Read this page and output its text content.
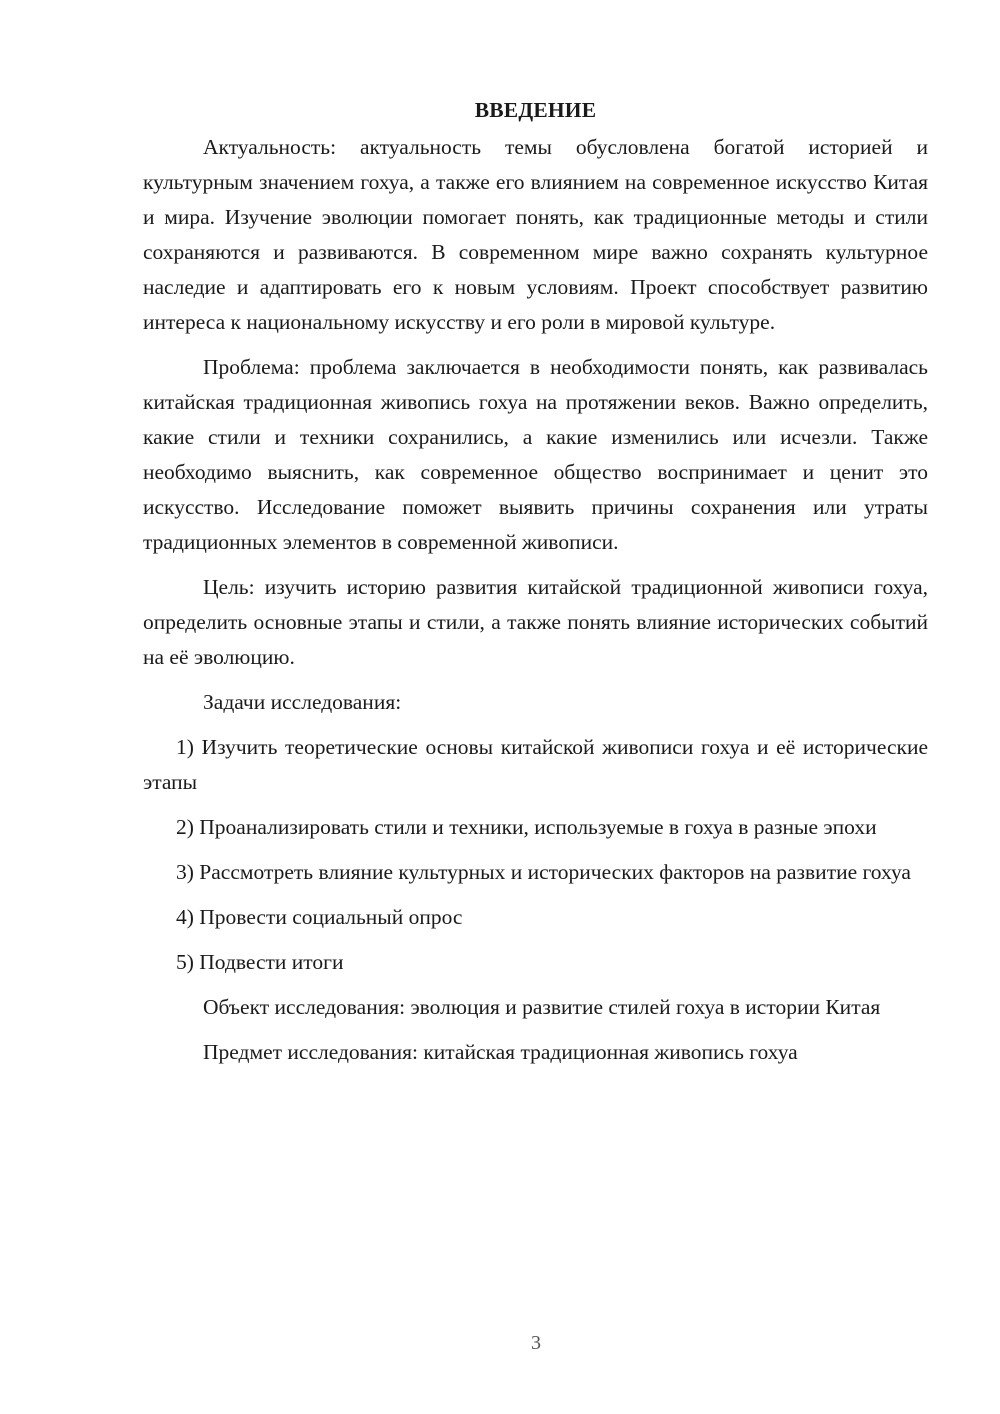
ВВЕДЕНИЕ

Актуальность: актуальность темы обусловлена богатой историей и культурным значением гохуа, а также его влиянием на современное искусство Китая и мира. Изучение эволюции помогает понять, как традиционные методы и стили сохраняются и развиваются. В современном мире важно сохранять культурное наследие и адаптировать его к новым условиям. Проект способствует развитию интереса к национальному искусству и его роли в мировой культуре.

Проблема: проблема заключается в необходимости понять, как развивалась китайская традиционная живопись гохуа на протяжении веков. Важно определить, какие стили и техники сохранились, а какие изменились или исчезли. Также необходимо выяснить, как современное общество воспринимает и ценит это искусство. Исследование поможет выявить причины сохранения или утраты традиционных элементов в современной живописи.

Цель: изучить историю развития китайской традиционной живописи гохуа, определить основные этапы и стили, а также понять влияние исторических событий на её эволюцию.

Задачи исследования:

1) Изучить теоретические основы китайской живописи гохуа и её исторические этапы

2) Проанализировать стили и техники, используемые в гохуа в разные эпохи

3) Рассмотреть влияние культурных и исторических факторов на развитие гохуа

4) Провести социальный опрос

5) Подвести итоги

Объект исследования: эволюция и развитие стилей гохуа в истории Китая

Предмет исследования: китайская традиционная живопись гохуа

3
